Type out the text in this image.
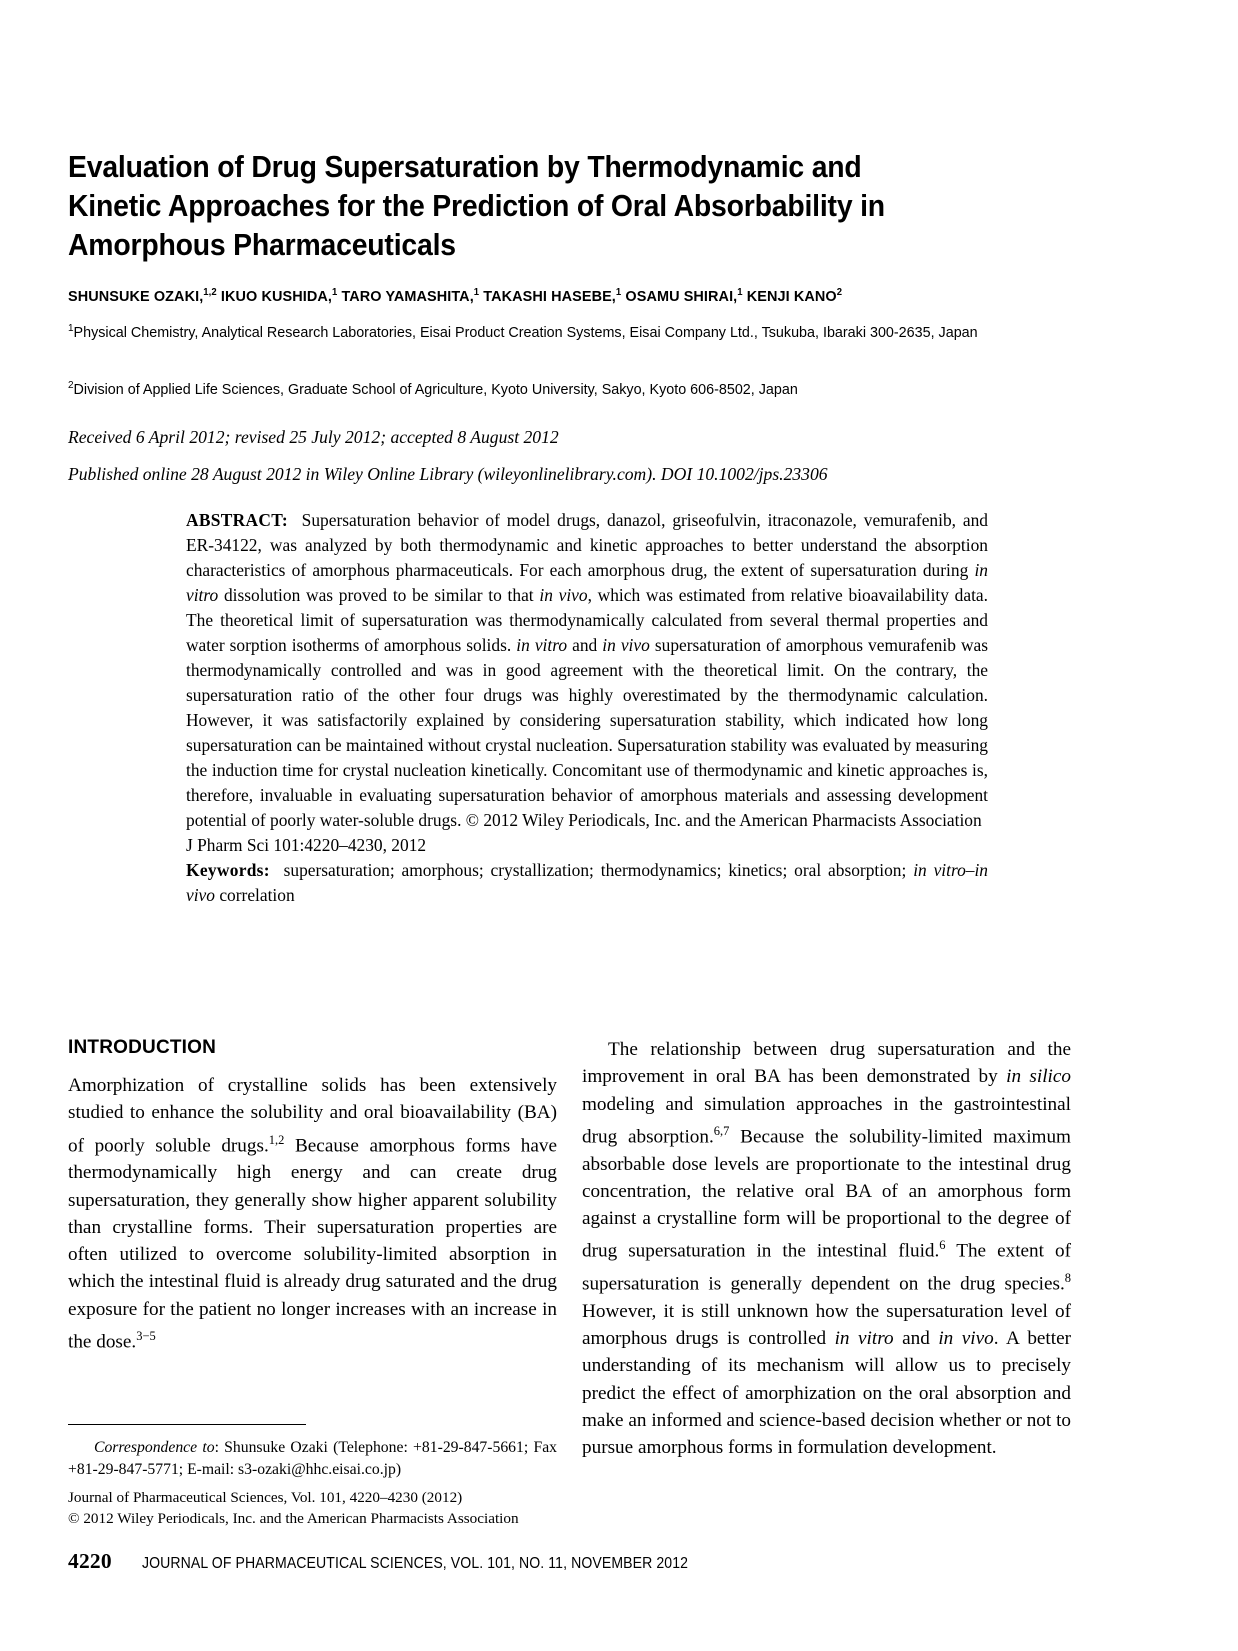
Evaluation of Drug Supersaturation by Thermodynamic and Kinetic Approaches for the Prediction of Oral Absorbability in Amorphous Pharmaceuticals
SHUNSUKE OZAKI,$^{1,2}$ IKUO KUSHIDA,$^1$ TARO YAMASHITA,$^1$ TAKASHI HASEBE,$^1$ OSAMU SHIRAI,$^1$ KENJI KANO$^2$
$^1$Physical Chemistry, Analytical Research Laboratories, Eisai Product Creation Systems, Eisai Company Ltd., Tsukuba, Ibaraki 300-2635, Japan
$^2$Division of Applied Life Sciences, Graduate School of Agriculture, Kyoto University, Sakyo, Kyoto 606-8502, Japan
Received 6 April 2012; revised 25 July 2012; accepted 8 August 2012
Published online 28 August 2012 in Wiley Online Library (wileyonlinelibrary.com). DOI 10.1002/jps.23306
ABSTRACT: Supersaturation behavior of model drugs, danazol, griseofulvin, itraconazole, vemurafenib, and ER-34122, was analyzed by both thermodynamic and kinetic approaches to better understand the absorption characteristics of amorphous pharmaceuticals. For each amorphous drug, the extent of supersaturation during in vitro dissolution was proved to be similar to that in vivo, which was estimated from relative bioavailability data. The theoretical limit of supersaturation was thermodynamically calculated from several thermal properties and water sorption isotherms of amorphous solids. in vitro and in vivo supersaturation of amorphous vemurafenib was thermodynamically controlled and was in good agreement with the theoretical limit. On the contrary, the supersaturation ratio of the other four drugs was highly overestimated by the thermodynamic calculation. However, it was satisfactorily explained by considering supersaturation stability, which indicated how long supersaturation can be maintained without crystal nucleation. Supersaturation stability was evaluated by measuring the induction time for crystal nucleation kinetically. Concomitant use of thermodynamic and kinetic approaches is, therefore, invaluable in evaluating supersaturation behavior of amorphous materials and assessing development potential of poorly water-soluble drugs. © 2012 Wiley Periodicals, Inc. and the American Pharmacists Association
J Pharm Sci 101:4220–4230, 2012
Keywords: supersaturation; amorphous; crystallization; thermodynamics; kinetics; oral absorption; in vitro–in vivo correlation
INTRODUCTION

Amorphization of crystalline solids has been extensively studied to enhance the solubility and oral bioavailability (BA) of poorly soluble drugs.$^{1,2}$ Because amorphous forms have thermodynamically high energy and can create drug supersaturation, they generally show higher apparent solubility than crystalline forms. Their supersaturation properties are often utilized to overcome solubility-limited absorption in which the intestinal fluid is already drug saturated and the drug exposure for the patient no longer increases with an increase in the dose.$^{3-5}$

The relationship between drug supersaturation and the improvement in oral BA has been demonstrated by in silico modeling and simulation approaches in the gastrointestinal drug absorption.$^{6,7}$ Because the solubility-limited maximum absorbable dose levels are proportionate to the intestinal drug concentration, the relative oral BA of an amorphous form against a crystalline form will be proportional to the degree of drug supersaturation in the intestinal fluid.$^6$ The extent of supersaturation is generally dependent on the drug species.$^8$ However, it is still unknown how the supersaturation level of amorphous drugs is controlled in vitro and in vivo. A better understanding of its mechanism will allow us to precisely predict the effect of amorphization on the oral absorption and make an informed and science-based decision whether or not to pursue amorphous forms in formulation development.

Correspondence to: Shunsuke Ozaki (Telephone: +81-29-847-5661; Fax +81-29-847-5771; E-mail: s3-ozaki@hhc.eisai.co.jp)

Journal of Pharmaceutical Sciences, Vol. 101, 4220–4230 (2012)

© 2012 Wiley Periodicals, Inc. and the American Pharmacists Association

4220 JOURNAL OF PHARMACEUTICAL SCIENCES, VOL. 101, NO. 11, NOVEMBER 2012
